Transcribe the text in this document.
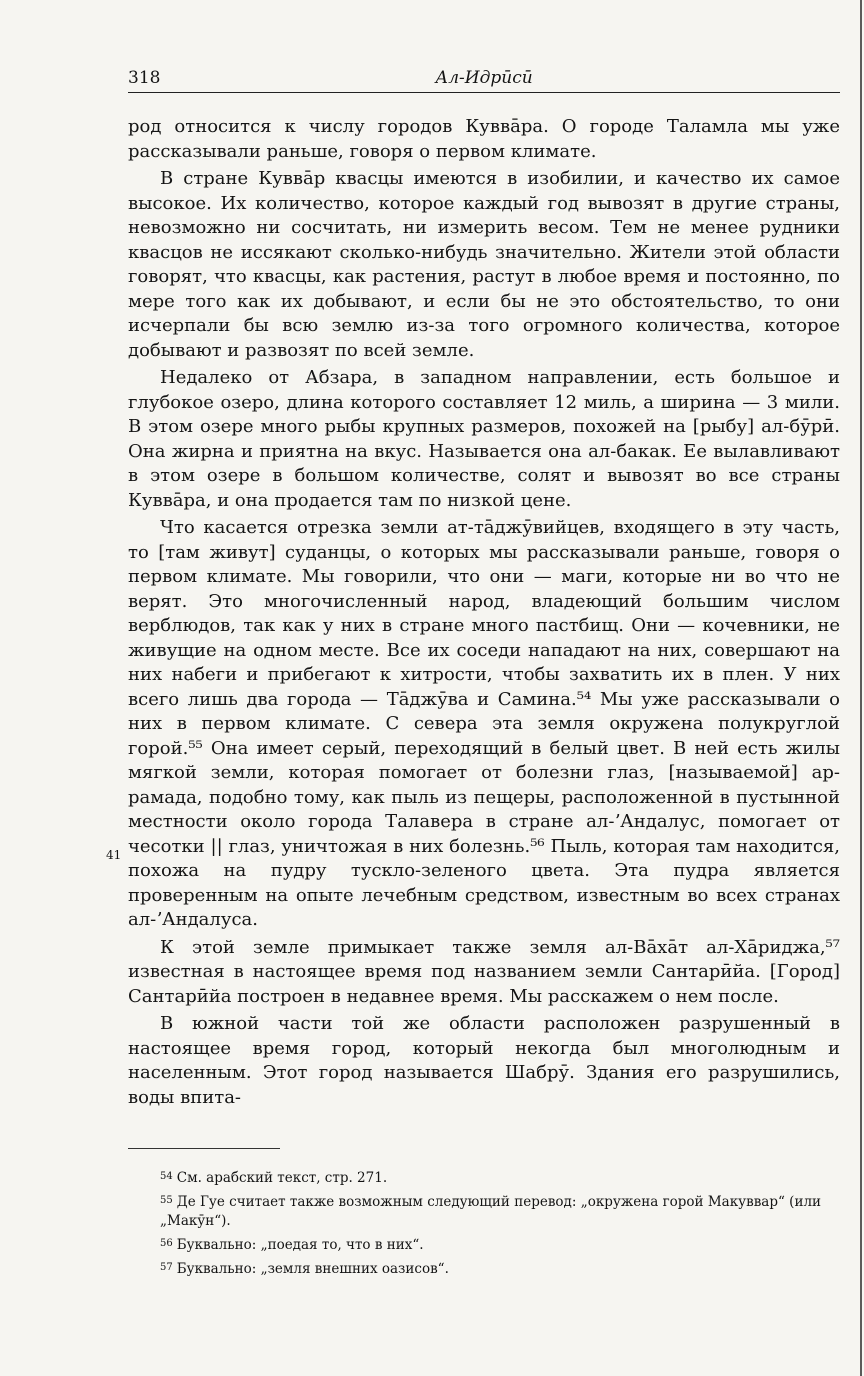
318	Ал-Идрӣсӣ

род относится к числу городов Куввāра. О городе Таламла мы уже рассказывали раньше, говоря о первом климате.

В стране Куввāр квасцы имеются в изобилии, и качество их самое высокое. Их количество, которое каждый год вывозят в другие страны, невозможно ни сосчитать, ни измерить весом. Тем не менее рудники квасцов не иссякают сколько-нибудь значительно. Жители этой области говорят, что квасцы, как растения, растут в любое время и постоянно, по мере того как их добывают, и если бы не это обстоятельство, то они исчерпали бы всю землю из-за того огромного количества, которое добывают и развозят по всей земле.

Недалеко от Абзара, в западном направлении, есть большое и глубокое озеро, длина которого составляет 12 миль, а ширина — 3 мили. В этом озере много рыбы крупных размеров, похожей на [рыбу] ал-бӯрӣ. Она жирна и приятна на вкус. Называется она ал-бакак. Ее вылавливают в этом озере в большом количестве, солят и вывозят во все страны Куввāра, и она продается там по низкой цене.

Что касается отрезка земли ат-тāджӯвийцев, входящего в эту часть, то [там живут] суданцы, о которых мы рассказывали раньше, говоря о первом климате. Мы говорили, что они — маги, которые ни во что не верят. Это многочисленный народ, владеющий большим числом верблюдов, так как у них в стране много пастбищ. Они — кочевники, не живущие на одном месте. Все их соседи нападают на них, совершают на них набеги и прибегают к хитрости, чтобы захватить их в плен. У них всего лишь два города — Тāджӯва и Самина.⁵⁴ Мы уже рассказывали о них в первом климате. С севера эта земля окружена полукруглой горой.⁵⁵ Она имеет серый, переходящий в белый цвет. В ней есть жилы мягкой земли, которая помогает от болезни глаз, [называемой] ар-рамада, подобно тому, как пыль из пещеры, расположенной в пустынной местности около города Талавера в стране ал-ʼАндалус, помогает от чесотки || глаз, уничтожая в них болезнь.⁵⁶ Пыль, которая там находится, похожа на пудру тускло-зеленого цвета. Эта пудра является проверенным на опыте лечебным средством, известным во всех странах ал-ʼАндалуса.

К этой земле примыкает также земля ал-Вāхāт ал-Хāриджа,⁵⁷ известная в настоящее время под названием земли Сантарӣйа. [Город] Сантарӣйа построен в недавнее время. Мы расскажем о нем после.

В южной части той же области расположен разрушенный в настоящее время город, который некогда был многолюдным и населенным. Этот город называется Шабрӯ. Здания его разрушились, воды впита-

41

$^{54}$ См. арабский текст, стр. 271.

$^{55}$ Де Гуе считает также возможным следующий перевод: „окружена горой Макуввар“ (или „Макӯн“).

$^{56}$ Буквально: „поедая то, что в них“.

$^{57}$ Буквально: „земля внешних оазисов“.
